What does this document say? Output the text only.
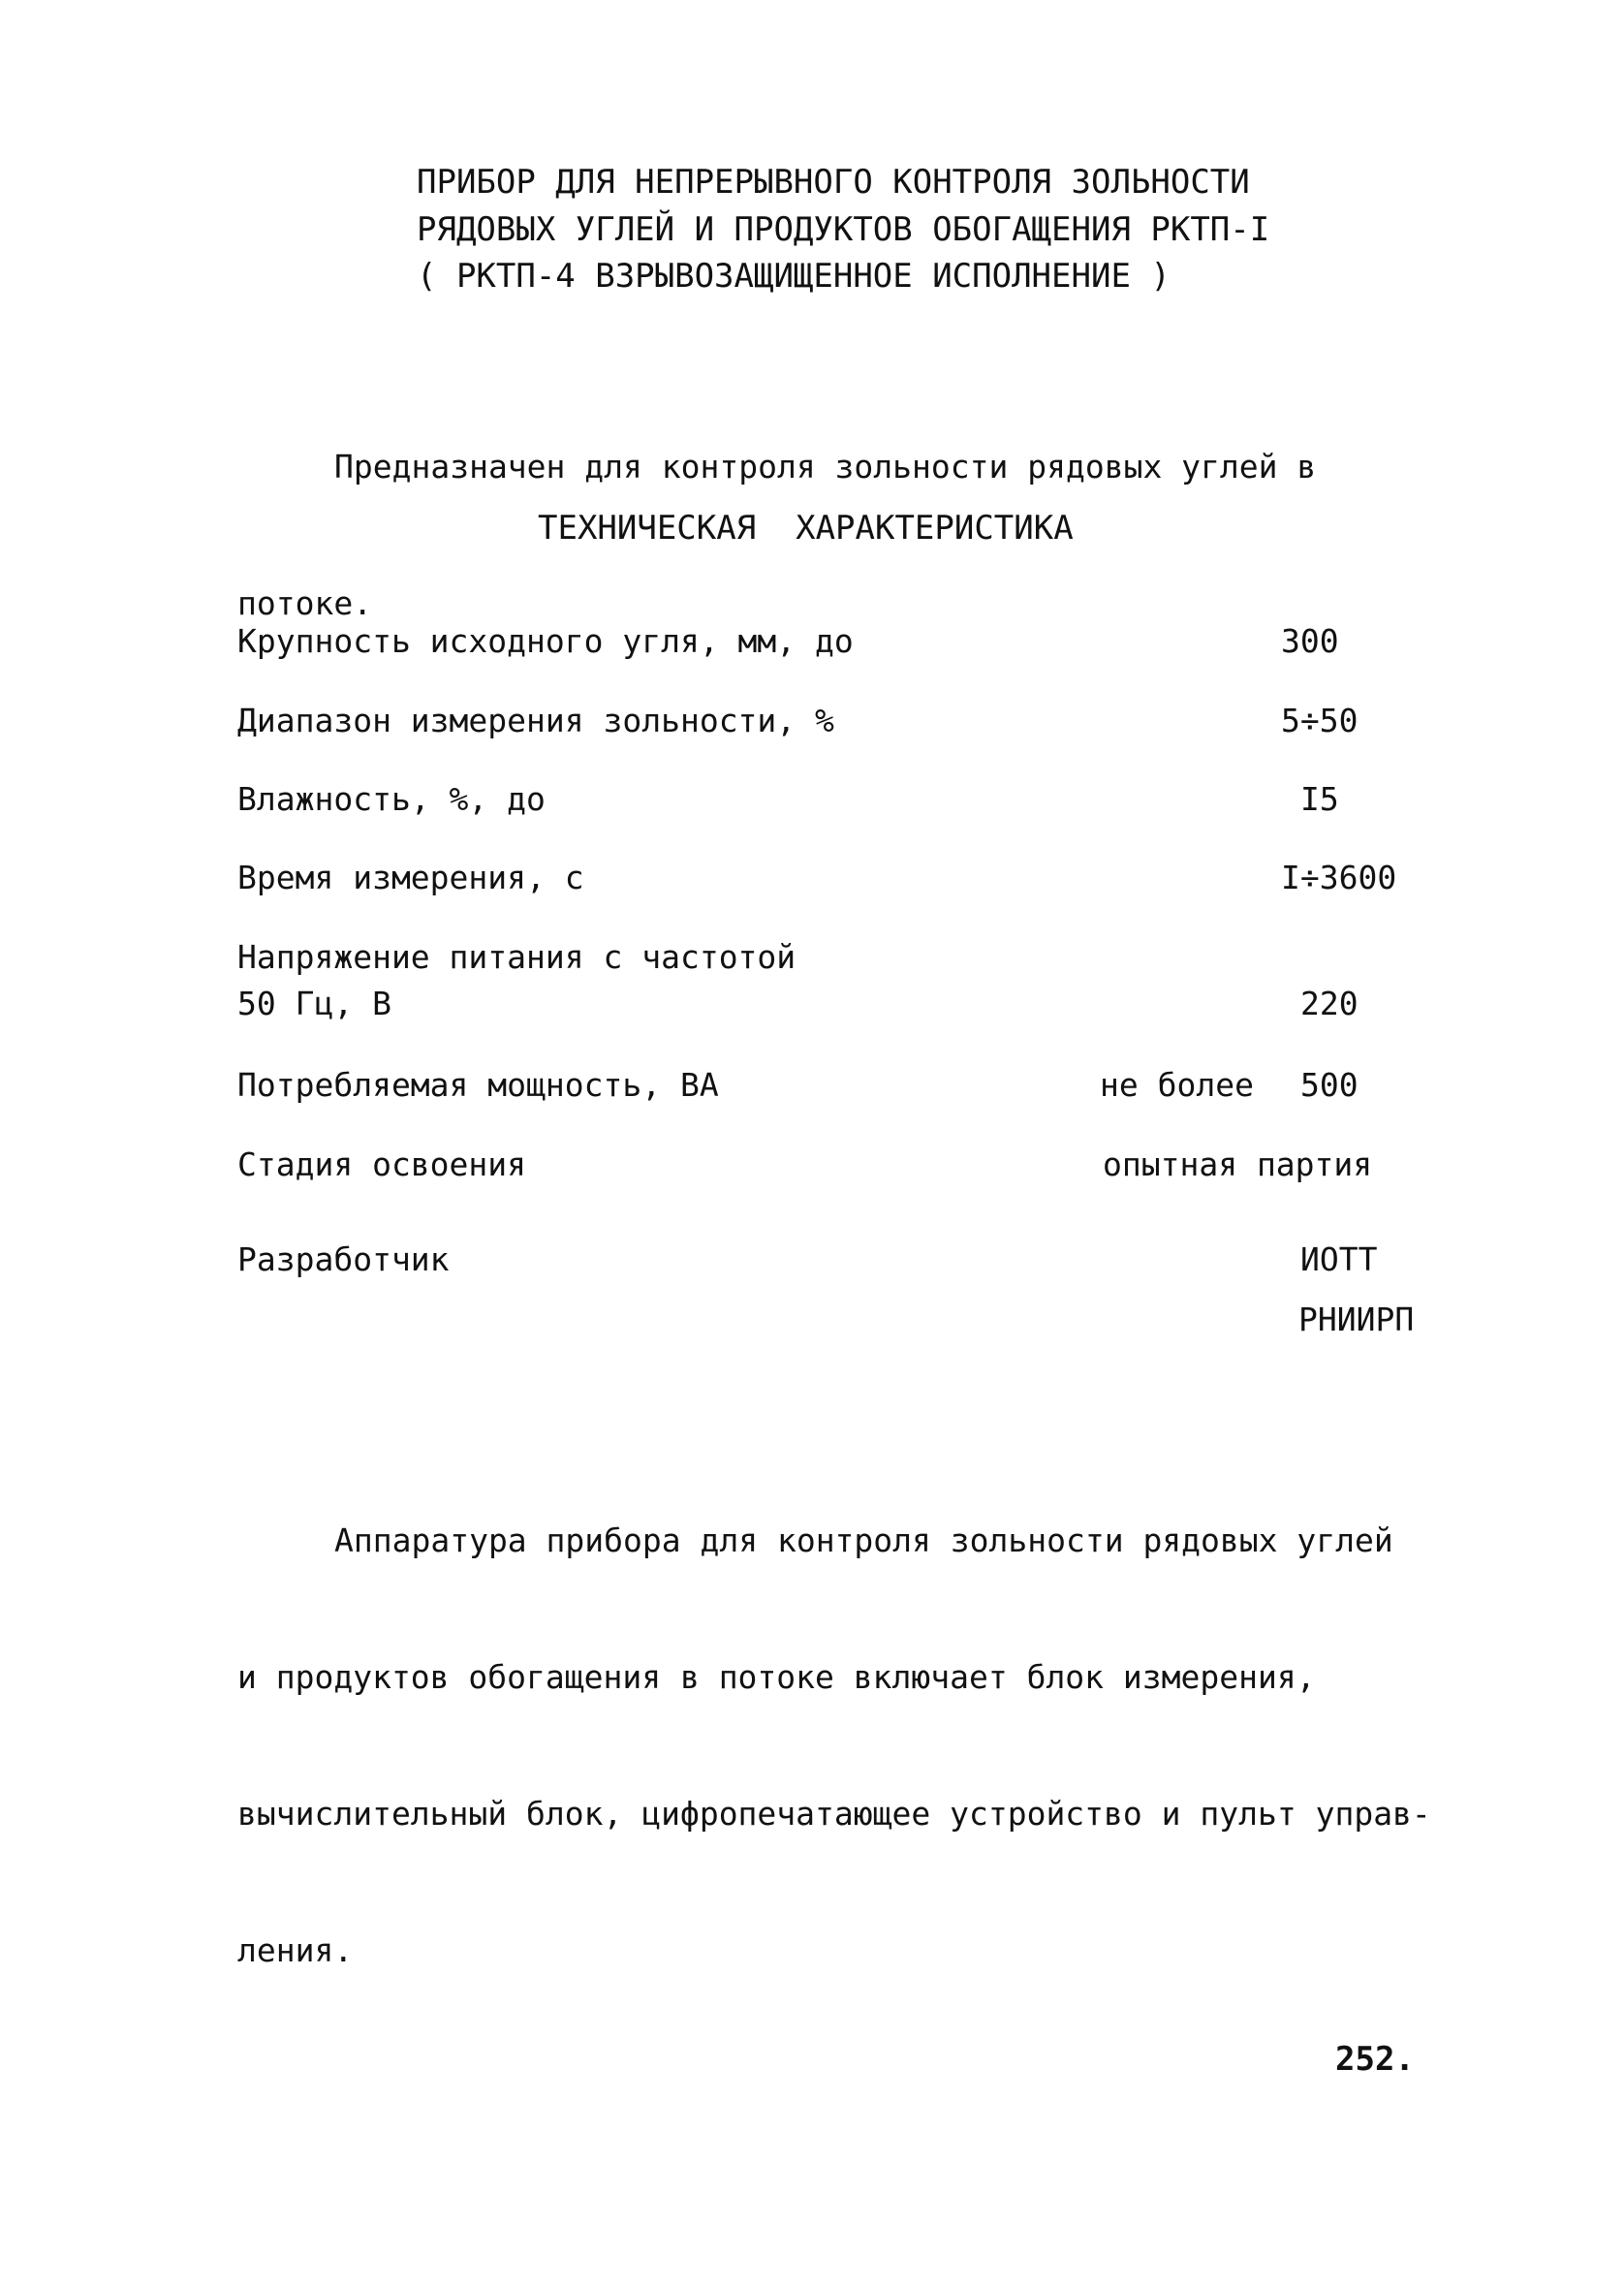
ПРИБОР ДЛЯ НЕПРЕРЫВНОГО КОНТРОЛЯ ЗОЛЬНОСТИ
РЯДОВЫХ УГЛЕЙ И ПРОДУКТОВ ОБОГАЩЕНИЯ РКТП-I
( РКТП-4 ВЗРЫВОЗАЩИЩЕННОЕ ИСПОЛНЕНИЕ )

Предназначен для контроля зольности рядовых углей в

потоке.

ТЕХНИЧЕСКАЯ  ХАРАКТЕРИСТИКА
Крупность исходного угля, мм, до	300
Диапазон измерения зольности, %	5÷50
Влажность, %, до	I5
Время измерения, с	I÷3600
Напряжение питания с частотой
50 Гц, В	220
Потребляемая мощность, ВА	не более 500
Стадия освоения	опытная партия
Разработчик	ИОТТ
РНИИРП

Аппаратура прибора для контроля зольности рядовых углей

и продуктов обогащения в потоке включает блок измерения,

вычислительный блок, цифропечатающее устройство и пульт управ-

ления.

252.
